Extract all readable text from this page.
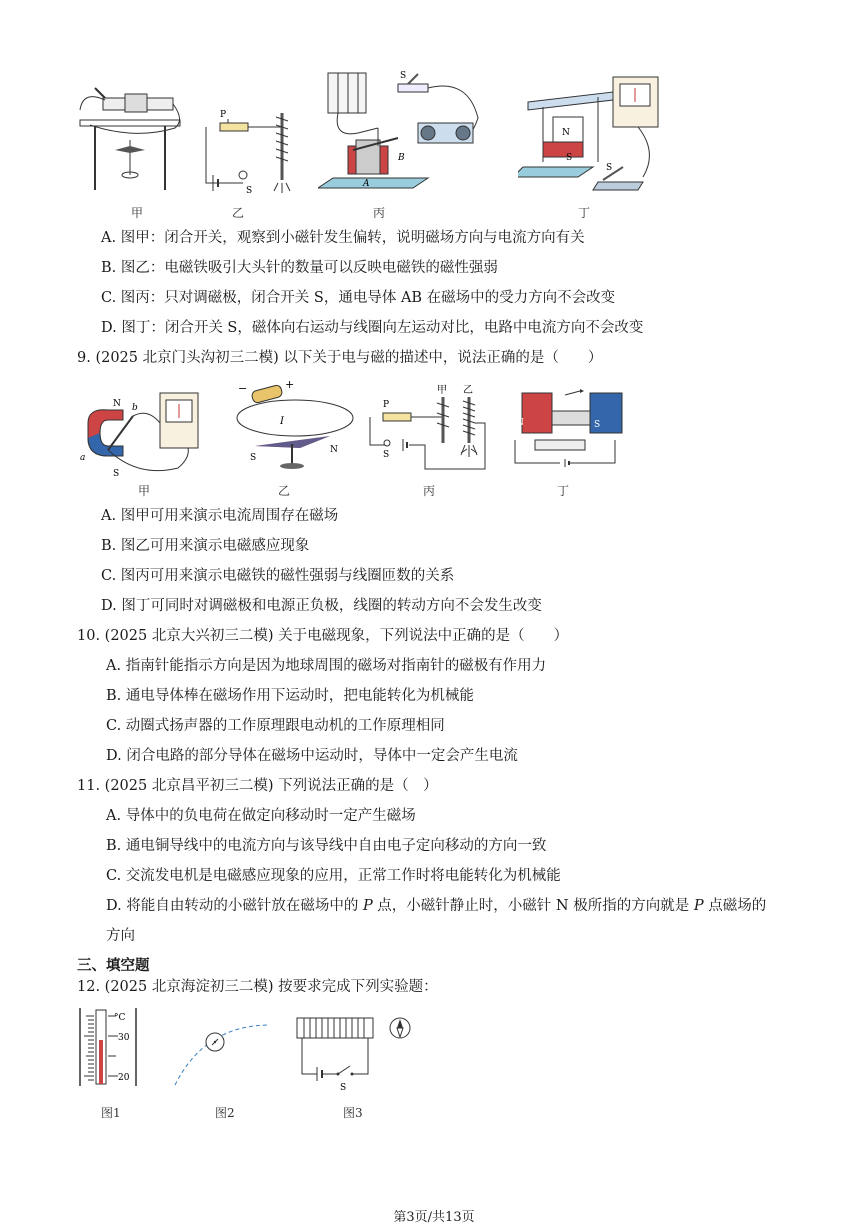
P
S
S
B
A
N
S
S
甲	乙	丙	丁
A. 图甲：闭合开关，观察到小磁针发生偏转，说明磁场方向与电流方向有关
B. 图乙：电磁铁吸引大头针的数量可以反映电磁铁的磁性强弱
C. 图丙：只对调磁极，闭合开关 S，通电导体 AB 在磁场中的受力方向不会改变
D. 图丁：闭合开关 S，磁体向右运动与线圈向左运动对比，电路中电流方向不会改变
9. (2025 北京门头沟初三二模) 以下关于电与磁的描述中，说法正确的是（　　）
N
S
a
b
−	+
I
S
N
甲 乙
P
S
N	S
甲	乙	丙	丁
A. 图甲可用来演示电流周围存在磁场
B. 图乙可用来演示电磁感应现象
C. 图丙可用来演示电磁铁的磁性强弱与线圈匝数的关系
D. 图丁可同时对调磁极和电源正负极，线圈的转动方向不会发生改变
10. (2025 北京大兴初三二模) 关于电磁现象，下列说法中正确的是（　　）
A. 指南针能指示方向是因为地球周围的磁场对指南针的磁极有作用力
B. 通电导体棒在磁场作用下运动时，把电能转化为机械能
C. 动圈式扬声器的工作原理跟电动机的工作原理相同
D. 闭合电路的部分导体在磁场中运动时，导体中一定会产生电流
11. (2025 北京昌平初三二模) 下列说法正确的是（　）
A. 导体中的负电荷在做定向移动时一定产生磁场
B. 通电铜导线中的电流方向与该导线中自由电子定向移动的方向一致
C. 交流发电机是电磁感应现象的应用，正常工作时将电能转化为机械能
D. 将能自由转动的小磁针放在磁场中的 P 点，小磁针静止时，小磁针 N 极所指的方向就是 P 点磁场的
方向
三、填空题
12. (2025 北京海淀初三二模) 按要求完成下列实验题：
°C
30
20
S
图1	图2	图3
第3页/共13页
